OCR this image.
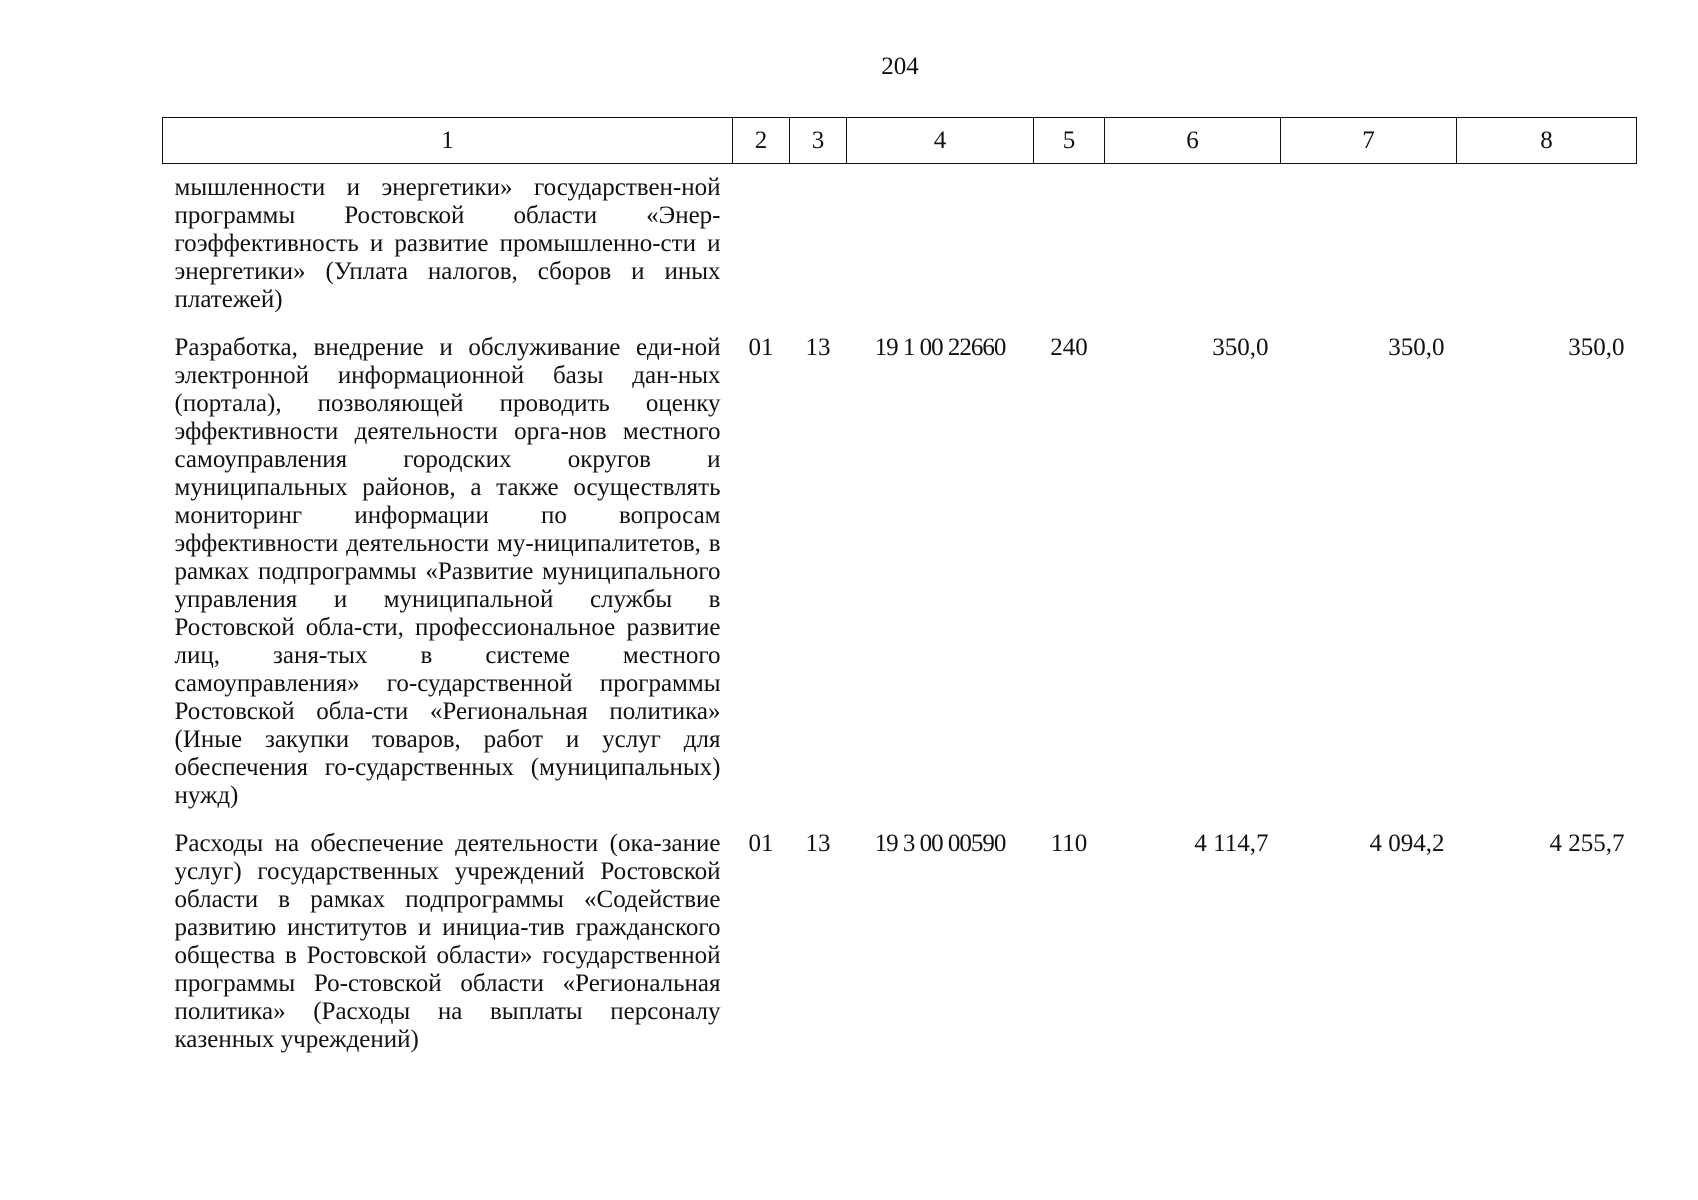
204
1	2	3	4	5	6	7	8
мышленности и энергетики» государствен-ной программы Ростовской области «Энер-гоэффективность и развитие промышленно-сти и энергетики» (Уплата налогов, сборов и иных платежей)							
Разработка, внедрение и обслуживание еди-ной электронной информационной базы дан-ных (портала), позволяющей проводить оценку эффективности деятельности орга-нов местного самоуправления городских округов и муниципальных районов, а также осуществлять мониторинг информации по вопросам эффективности деятельности му-ниципалитетов, в рамках подпрограммы «Развитие муниципального управления и муниципальной службы в Ростовской обла-сти, профессиональное развитие лиц, заня-тых в системе местного самоуправления» го-сударственной программы Ростовской обла-сти «Региональная политика» (Иные закупки товаров, работ и услуг для обеспечения го-сударственных (муниципальных) нужд)	01	13	19 1 00 22660	240	350,0	350,0	350,0
Расходы на обеспечение деятельности (ока-зание услуг) государственных учреждений Ростовской области в рамках подпрограммы «Содействие развитию институтов и инициа-тив гражданского общества в Ростовской области» государственной программы Ро-стовской области «Региональная политика» (Расходы на выплаты персоналу казенных учреждений)	01	13	19 3 00 00590	110	4 114,7	4 094,2	4 255,7
